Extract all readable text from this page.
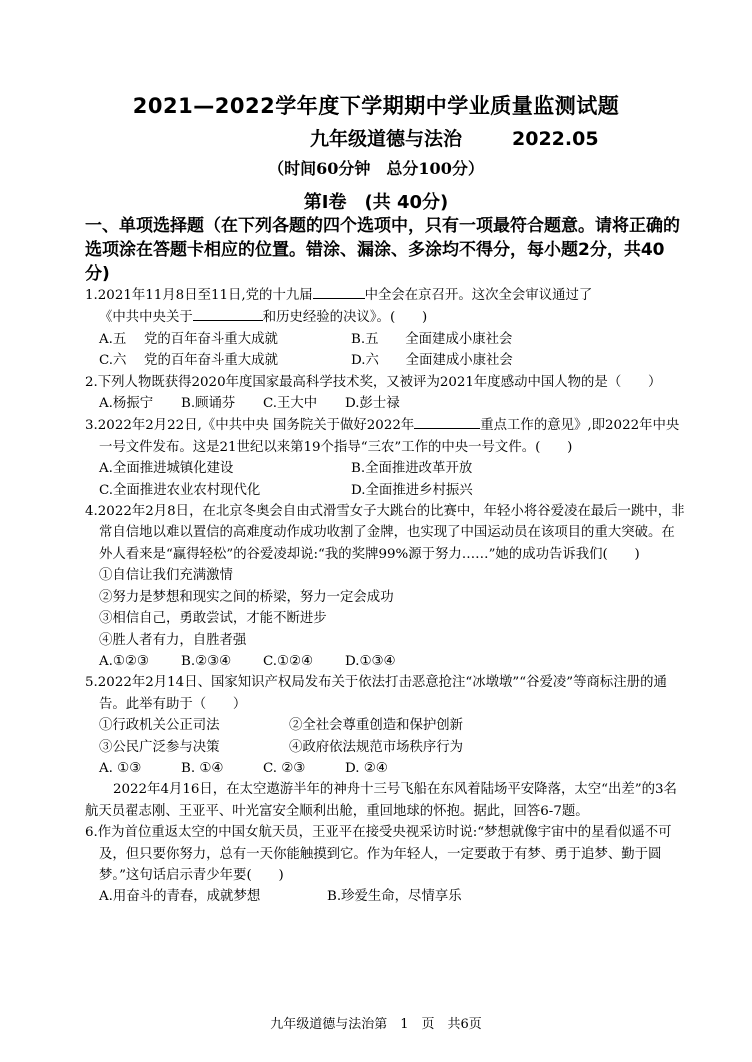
2021—2022学年度下学期期中学业质量监测试题
九年级道德与法治	2022.05
（时间60分钟　总分100分）
第Ⅰ卷　(共 40分)
一、单项选择题（在下列各题的四个选项中，只有一项最符合题意。请将正确的选项涂在答题卡相应的位置。错涂、漏涂、多涂均不得分，每小题2分，共40分)

1.2021年11月8日至11日,党的十九届	中全会在京召开。这次全会审议通过了
《中共中央关于	和历史经验的决议》。(　　)

A.五　 党的百年奋斗重大成就	B.五　　全面建成小康社会
C.六　 党的百年奋斗重大成就	D.六　　全面建成小康社会

2.下列人物既获得2020年度国家最高科学技术奖，又被评为2021年度感动中国人物的是（　　）

A.杨振宁	B.顾诵芬	C.王大中	D.彭士禄

3.2022年2月22日,《中共中央 国务院关于做好2022年	重点工作的意见》,即2022年中央一号文件发布。这是21世纪以来第19个指导“三农”工作的中央一号文件。(　　)

A.全面推进城镇化建设	B.全面推进改革开放
C.全面推进农业农村现代化	D.全面推进乡村振兴

4.2022年2月8日，在北京冬奥会自由式滑雪女子大跳台的比赛中，年轻小将谷爱凌在最后一跳中，非常自信地以难以置信的高难度动作成功收割了金牌，也实现了中国运动员在该项目的重大突破。在外人看来是“赢得轻松”的谷爱凌却说:“我的奖牌99%源于努力……”她的成功告诉我们(　　)

①自信让我们充满激情

②努力是梦想和现实之间的桥梁，努力一定会成功

③相信自己，勇敢尝试，才能不断进步

④胜人者有力，自胜者强

A.①②③	B.②③④	C.①②④	D.①③④

5.2022年2月14日、国家知识产权局发布关于依法打击恶意抢注“冰墩墩”“谷爱凌”等商标注册的通告。此举有助于（　　）

①行政机关公正司法	②全社会尊重创造和保护创新
③公民广泛参与决策	④政府依法规范市场秩序行为
A. ①③	B. ①④	C. ②③	D. ②④

2022年4月16日，在太空遨游半年的神舟十三号飞船在东风着陆场平安降落，太空“出差”的3名航天员翟志刚、王亚平、叶光富安全顺利出舱，重回地球的怀抱。据此，回答6-7题。

6.作为首位重返太空的中国女航天员，王亚平在接受央视采访时说:“梦想就像宇宙中的星看似遥不可及，但只要你努力，总有一天你能触摸到它。作为年轻人，一定要敢于有梦、勇于追梦、勤于圆梦。”这句话启示青少年要(　　)

A.用奋斗的青春，成就梦想	B.珍爱生命，尽情享乐
九年级道德与法治第　1　页　共6页
